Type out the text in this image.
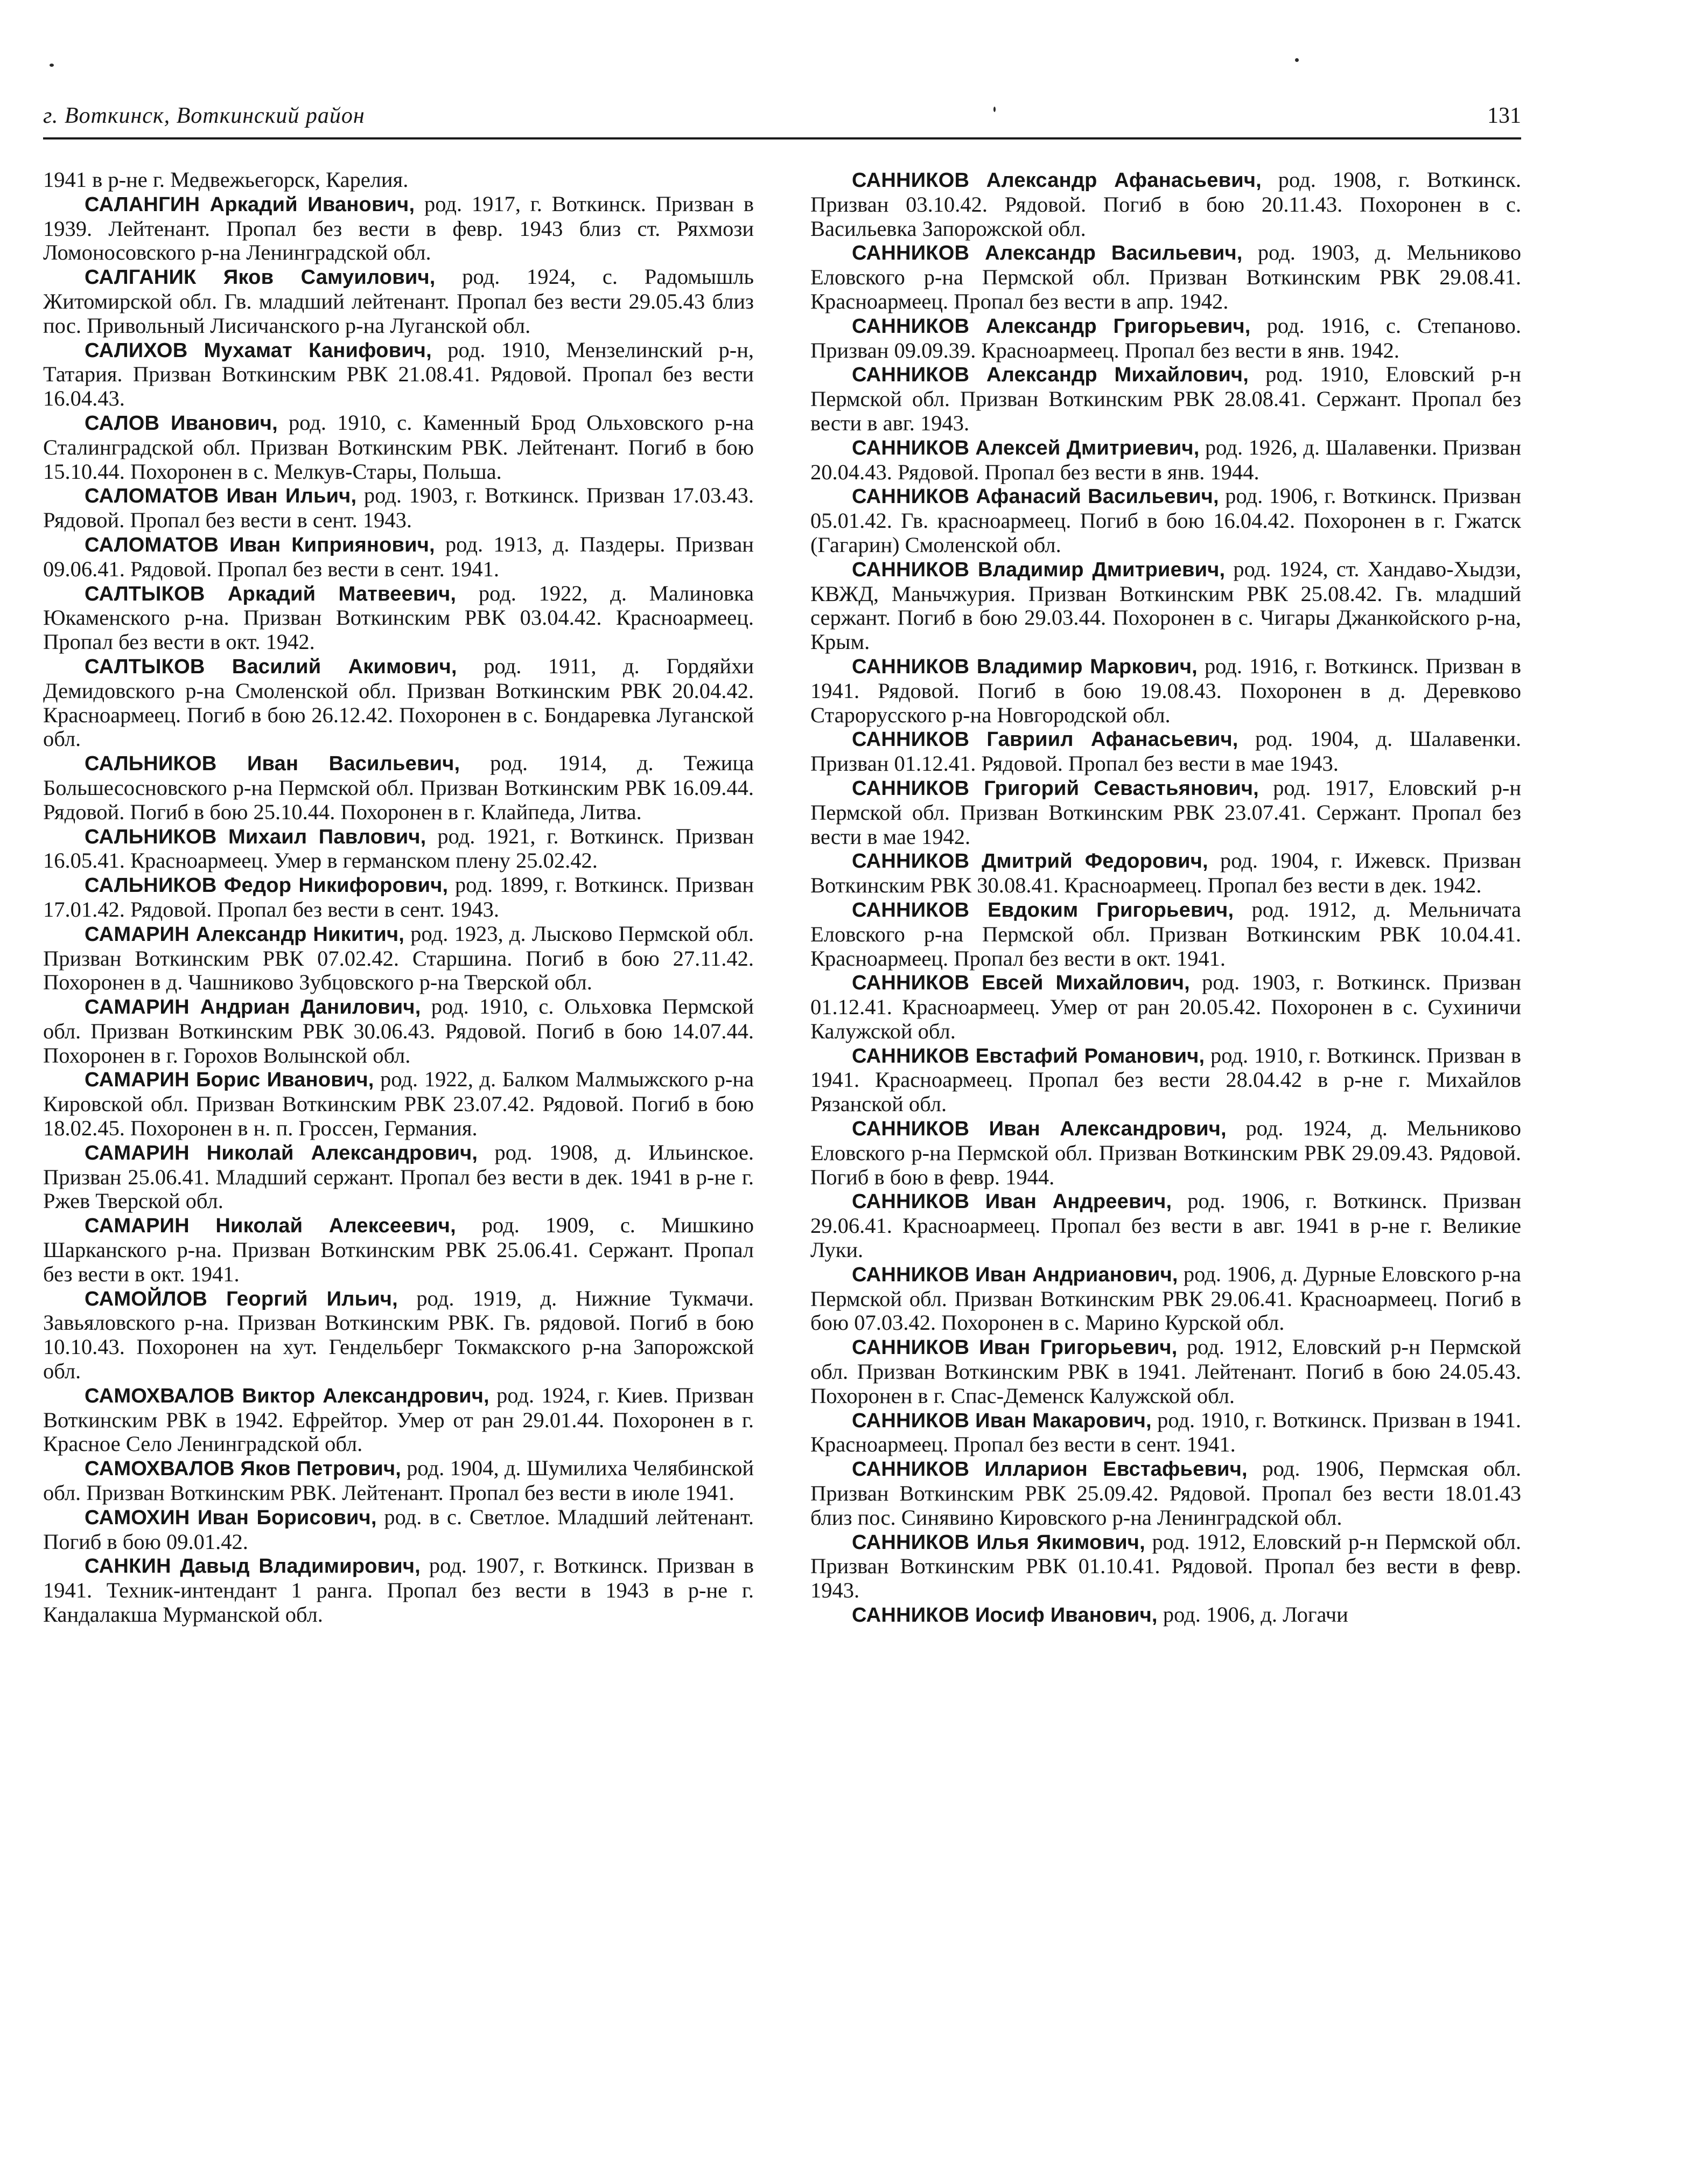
г. Воткинск, Воткинский район	131

1941 в р-не г. Медвежьегорск, Карелия.

САЛАНГИН Аркадий Иванович, род. 1917, г. Воткинск. Призван в 1939. Лейтенант. Пропал без вести в февр. 1943 близ ст. Ряхмози Ломоносовского р-на Ленинградской обл.

САЛГАНИК Яков Самуилович, род. 1924, с. Радомышль Житомирской обл. Гв. младший лейтенант. Пропал без вести 29.05.43 близ пос. Привольный Лисичанского р-на Луганской обл.

САЛИХОВ Мухамат Канифович, род. 1910, Мензелинский р-н, Татария. Призван Воткинским РВК 21.08.41. Рядовой. Пропал без вести 16.04.43.

САЛОВ Иванович, род. 1910, с. Каменный Брод Ольховского р-на Сталинградской обл. Призван Воткинским РВК. Лейтенант. Погиб в бою 15.10.44. Похоронен в с. Мелкув-Стары, Польша.

САЛОМАТОВ Иван Ильич, род. 1903, г. Воткинск. Призван 17.03.43. Рядовой. Пропал без вести в сент. 1943.

САЛОМАТОВ Иван Киприянович, род. 1913, д. Паздеры. Призван 09.06.41. Рядовой. Пропал без вести в сент. 1941.

САЛТЫКОВ Аркадий Матвеевич, род. 1922, д. Малиновка Юкаменского р-на. Призван Воткинским РВК 03.04.42. Красноармеец. Пропал без вести в окт. 1942.

САЛТЫКОВ Василий Акимович, род. 1911, д. Гордяйхи Демидовского р-на Смоленской обл. Призван Воткинским РВК 20.04.42. Красноармеец. Погиб в бою 26.12.42. Похоронен в с. Бондаревка Луганской обл.

САЛЬНИКОВ Иван Васильевич, род. 1914, д. Тежица Большесосновского р-на Пермской обл. Призван Воткинским РВК 16.09.44. Рядовой. Погиб в бою 25.10.44. Похоронен в г. Клайпеда, Литва.

САЛЬНИКОВ Михаил Павлович, род. 1921, г. Воткинск. Призван 16.05.41. Красноармеец. Умер в германском плену 25.02.42.

САЛЬНИКОВ Федор Никифорович, род. 1899, г. Воткинск. Призван 17.01.42. Рядовой. Пропал без вести в сент. 1943.

САМАРИН Александр Никитич, род. 1923, д. Лысково Пермской обл. Призван Воткинским РВК 07.02.42. Старшина. Погиб в бою 27.11.42. Похоронен в д. Чашниково Зубцовского р-на Тверской обл.

САМАРИН Андриан Данилович, род. 1910, с. Ольховка Пермской обл. Призван Воткинским РВК 30.06.43. Рядовой. Погиб в бою 14.07.44. Похоронен в г. Горохов Волынской обл.

САМАРИН Борис Иванович, род. 1922, д. Балком Малмыжского р-на Кировской обл. Призван Воткинским РВК 23.07.42. Рядовой. Погиб в бою 18.02.45. Похоронен в н. п. Гроссен, Германия.

САМАРИН Николай Александрович, род. 1908, д. Ильинское. Призван 25.06.41. Младший сержант. Пропал без вести в дек. 1941 в р-не г. Ржев Тверской обл.

САМАРИН Николай Алексеевич, род. 1909, с. Мишкино Шарканского р-на. Призван Воткинским РВК 25.06.41. Сержант. Пропал без вести в окт. 1941.

САМОЙЛОВ Георгий Ильич, род. 1919, д. Нижние Тукмачи. Завьяловского р-на. Призван Воткинским РВК. Гв. рядовой. Погиб в бою 10.10.43. Похоронен на хут. Гендельберг Токмакского р-на Запорожской обл.

САМОХВАЛОВ Виктор Александрович, род. 1924, г. Киев. Призван Воткинским РВК в 1942. Ефрейтор. Умер от ран 29.01.44. Похоронен в г. Красное Село Ленинградской обл.

САМОХВАЛОВ Яков Петрович, род. 1904, д. Шумилиха Челябинской обл. Призван Воткинским РВК. Лейтенант. Пропал без вести в июле 1941.

САМОХИН Иван Борисович, род. в с. Светлое. Младший лейтенант. Погиб в бою 09.01.42.

САНКИН Давыд Владимирович, род. 1907, г. Воткинск. Призван в 1941. Техник-интендант 1 ранга. Пропал без вести в 1943 в р-не г. Кандалакша Мурманской обл.

САННИКОВ Александр Афанасьевич, род. 1908, г. Воткинск. Призван 03.10.42. Рядовой. Погиб в бою 20.11.43. Похоронен в с. Васильевка Запорожской обл.

САННИКОВ Александр Васильевич, род. 1903, д. Мельниково Еловского р-на Пермской обл. Призван Воткинским РВК 29.08.41. Красноармеец. Пропал без вести в апр. 1942.

САННИКОВ Александр Григорьевич, род. 1916, с. Степаново. Призван 09.09.39. Красноармеец. Пропал без вести в янв. 1942.

САННИКОВ Александр Михайлович, род. 1910, Еловский р-н Пермской обл. Призван Воткинским РВК 28.08.41. Сержант. Пропал без вести в авг. 1943.

САННИКОВ Алексей Дмитриевич, род. 1926, д. Шалавенки. Призван 20.04.43. Рядовой. Пропал без вести в янв. 1944.

САННИКОВ Афанасий Васильевич, род. 1906, г. Воткинск. Призван 05.01.42. Гв. красноармеец. Погиб в бою 16.04.42. Похоронен в г. Гжатск (Гагарин) Смоленской обл.

САННИКОВ Владимир Дмитриевич, род. 1924, ст. Хандаво-Хыдзи, КВЖД, Маньчжурия. Призван Воткинским РВК 25.08.42. Гв. младший сержант. Погиб в бою 29.03.44. Похоронен в с. Чигары Джанкойского р-на, Крым.

САННИКОВ Владимир Маркович, род. 1916, г. Воткинск. Призван в 1941. Рядовой. Погиб в бою 19.08.43. Похоронен в д. Деревково Старорусского р-на Новгородской обл.

САННИКОВ Гавриил Афанасьевич, род. 1904, д. Шалавенки. Призван 01.12.41. Рядовой. Пропал без вести в мае 1943.

САННИКОВ Григорий Севастьянович, род. 1917, Еловский р-н Пермской обл. Призван Воткинским РВК 23.07.41. Сержант. Пропал без вести в мае 1942.

САННИКОВ Дмитрий Федорович, род. 1904, г. Ижевск. Призван Воткинским РВК 30.08.41. Красноармеец. Пропал без вести в дек. 1942.

САННИКОВ Евдоким Григорьевич, род. 1912, д. Мельничата Еловского р-на Пермской обл. Призван Воткинским РВК 10.04.41. Красноармеец. Пропал без вести в окт. 1941.

САННИКОВ Евсей Михайлович, род. 1903, г. Воткинск. Призван 01.12.41. Красноармеец. Умер от ран 20.05.42. Похоронен в с. Сухиничи Калужской обл.

САННИКОВ Евстафий Романович, род. 1910, г. Воткинск. Призван в 1941. Красноармеец. Пропал без вести 28.04.42 в р-не г. Михайлов Рязанской обл.

САННИКОВ Иван Александрович, род. 1924, д. Мельниково Еловского р-на Пермской обл. Призван Воткинским РВК 29.09.43. Рядовой. Погиб в бою в февр. 1944.

САННИКОВ Иван Андреевич, род. 1906, г. Воткинск. Призван 29.06.41. Красноармеец. Пропал без вести в авг. 1941 в р-не г. Великие Луки.

САННИКОВ Иван Андрианович, род. 1906, д. Дурные Еловского р-на Пермской обл. Призван Воткинским РВК 29.06.41. Красноармеец. Погиб в бою 07.03.42. Похоронен в с. Марино Курской обл.

САННИКОВ Иван Григорьевич, род. 1912, Еловский р-н Пермской обл. Призван Воткинским РВК в 1941. Лейтенант. Погиб в бою 24.05.43. Похоронен в г. Спас-Деменск Калужской обл.

САННИКОВ Иван Макарович, род. 1910, г. Воткинск. Призван в 1941. Красноармеец. Пропал без вести в сент. 1941.

САННИКОВ Илларион Евстафьевич, род. 1906, Пермская обл. Призван Воткинским РВК 25.09.42. Рядовой. Пропал без вести 18.01.43 близ пос. Синявино Кировского р-на Ленинградской обл.

САННИКОВ Илья Якимович, род. 1912, Еловский р-н Пермской обл. Призван Воткинским РВК 01.10.41. Рядовой. Пропал без вести в февр. 1943.

САННИКОВ Иосиф Иванович, род. 1906, д. Логачи
